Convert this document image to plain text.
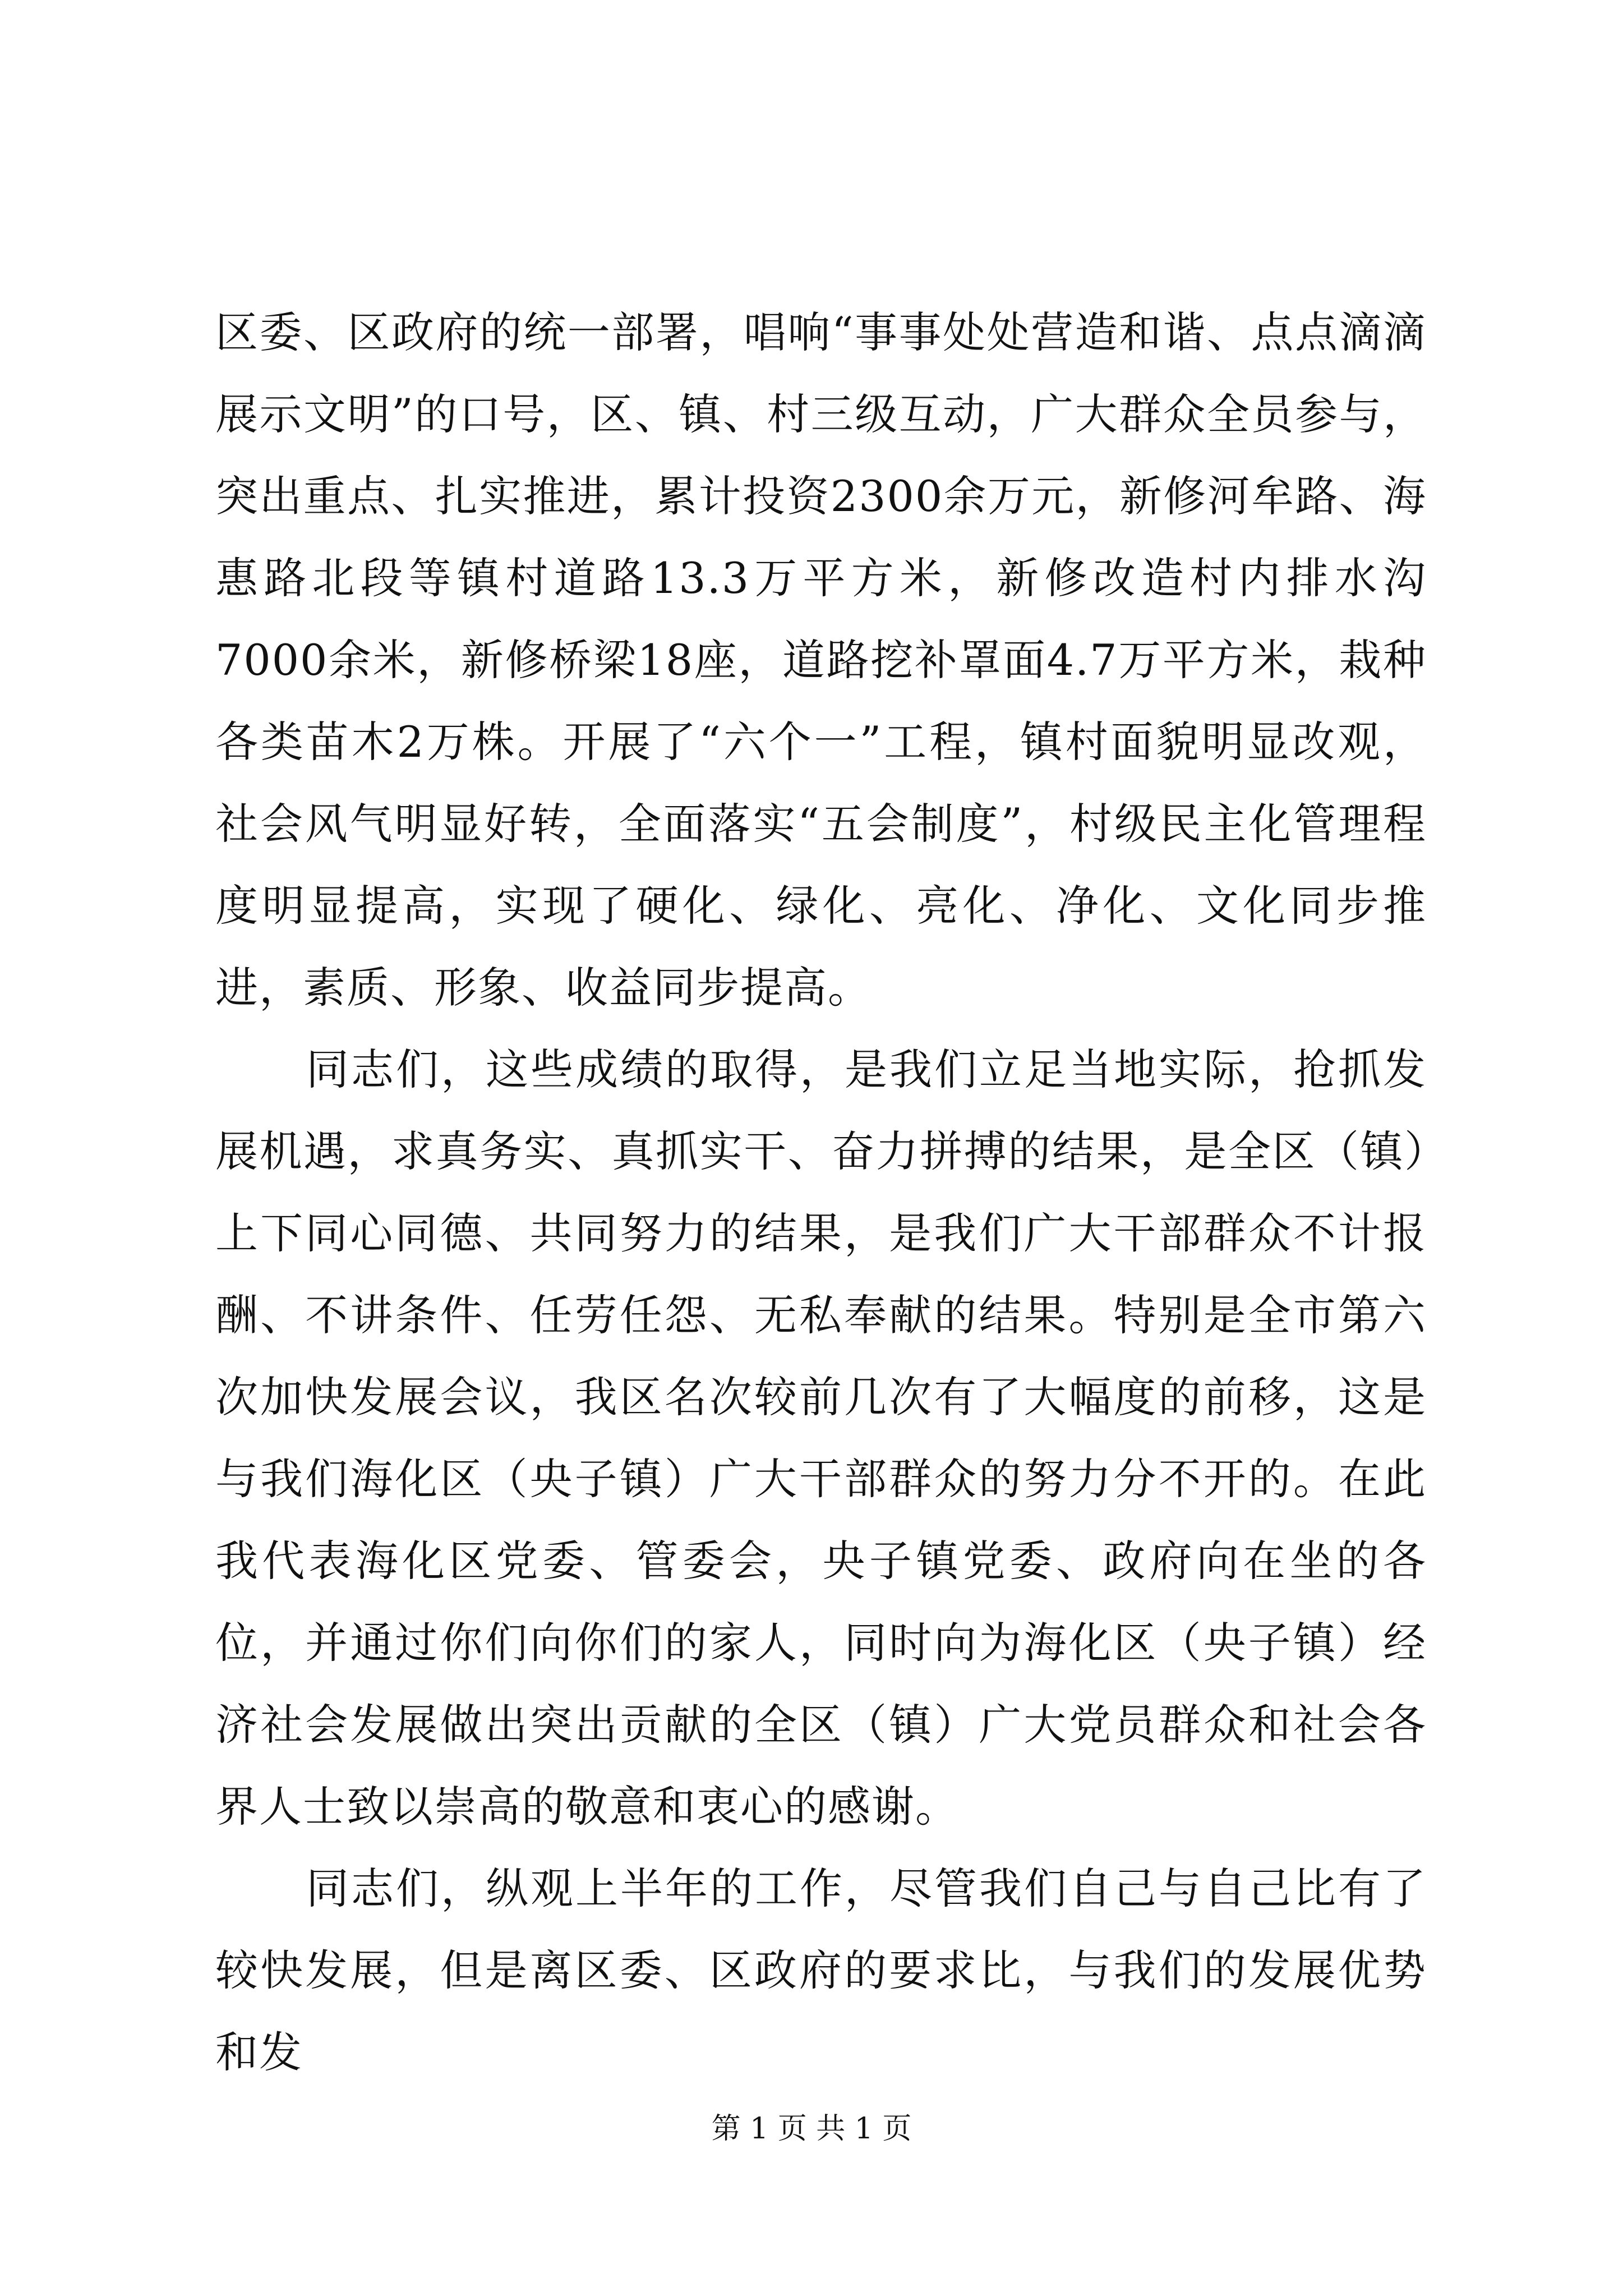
区委、区政府的统一部署，唱响“事事处处营造和谐、点点滴滴展示文明”的口号，区、镇、村三级互动，广大群众全员参与，突出重点、扎实推进，累计投资2300余万元，新修河牟路、海惠路北段等镇村道路13.3万平方米，新修改造村内排水沟7000余米，新修桥梁18座，道路挖补罩面4.7万平方米，栽种各类苗木2万株。开展了“六个一”工程，镇村面貌明显改观，社会风气明显好转，全面落实“五会制度”，村级民主化管理程度明显提高，实现了硬化、绿化、亮化、净化、文化同步推进，素质、形象、收益同步提高。

同志们，这些成绩的取得，是我们立足当地实际，抢抓发展机遇，求真务实、真抓实干、奋力拼搏的结果，是全区（镇）上下同心同德、共同努力的结果，是我们广大干部群众不计报酬、不讲条件、任劳任怨、无私奉献的结果。特别是全市第六次加快发展会议，我区名次较前几次有了大幅度的前移，这是与我们海化区（央子镇）广大干部群众的努力分不开的。在此我代表海化区党委、管委会，央子镇党委、政府向在坐的各位，并通过你们向你们的家人，同时向为海化区（央子镇）经济社会发展做出突出贡献的全区（镇）广大党员群众和社会各界人士致以崇高的敬意和衷心的感谢。

同志们，纵观上半年的工作，尽管我们自己与自己比有了较快发展，但是离区委、区政府的要求比，与我们的发展优势和发

第 1 页 共 1 页
